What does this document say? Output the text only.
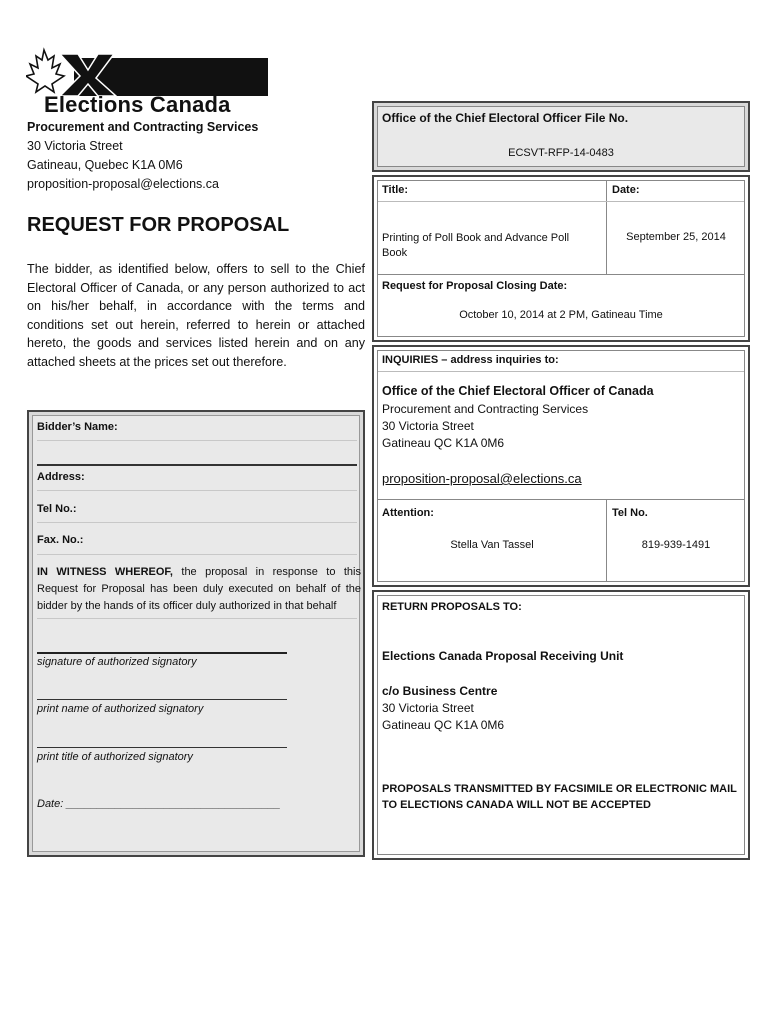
Elections Canada
Procurement and Contracting Services
30 Victoria Street
Gatineau, Quebec K1A 0M6
proposition-proposal@elections.ca
REQUEST FOR PROPOSAL
The bidder, as identified below, offers to sell to the Chief Electoral Officer of Canada, or any person authorized to act on his/her behalf, in accordance with the terms and conditions set out herein, referred to herein or attached hereto, the goods and services listed herein and on any attached sheets at the prices set out therefore.
Bidder’s Name:
Address:
Tel No.:
Fax. No.:
IN WITNESS WHEREOF, the proposal in response to this Request for Proposal has been duly executed on behalf of the bidder by the hands of its officer duly authorized in that behalf
signature of authorized signatory
print name of authorized signatory
print title of authorized signatory
Date: ___________________________________
Office of the Chief Electoral Officer File No.
ECSVT-RFP-14-0483
Title:	Date:
Printing of Poll Book and Advance Poll Book
September 25, 2014
Request for Proposal Closing Date:
October 10, 2014 at 2 PM, Gatineau Time
INQUIRIES – address inquiries to:
Office of the Chief Electoral Officer of Canada
Procurement and Contracting Services
30 Victoria Street
Gatineau QC K1A 0M6
proposition-proposal@elections.ca
Attention:	Tel No.
Stella Van Tassel	819-939-1491
RETURN PROPOSALS TO:
Elections Canada Proposal Receiving Unit
c/o Business Centre
30 Victoria Street
Gatineau QC K1A 0M6
PROPOSALS TRANSMITTED BY FACSIMILE OR ELECTRONIC MAIL
TO ELECTIONS CANADA WILL NOT BE ACCEPTED
